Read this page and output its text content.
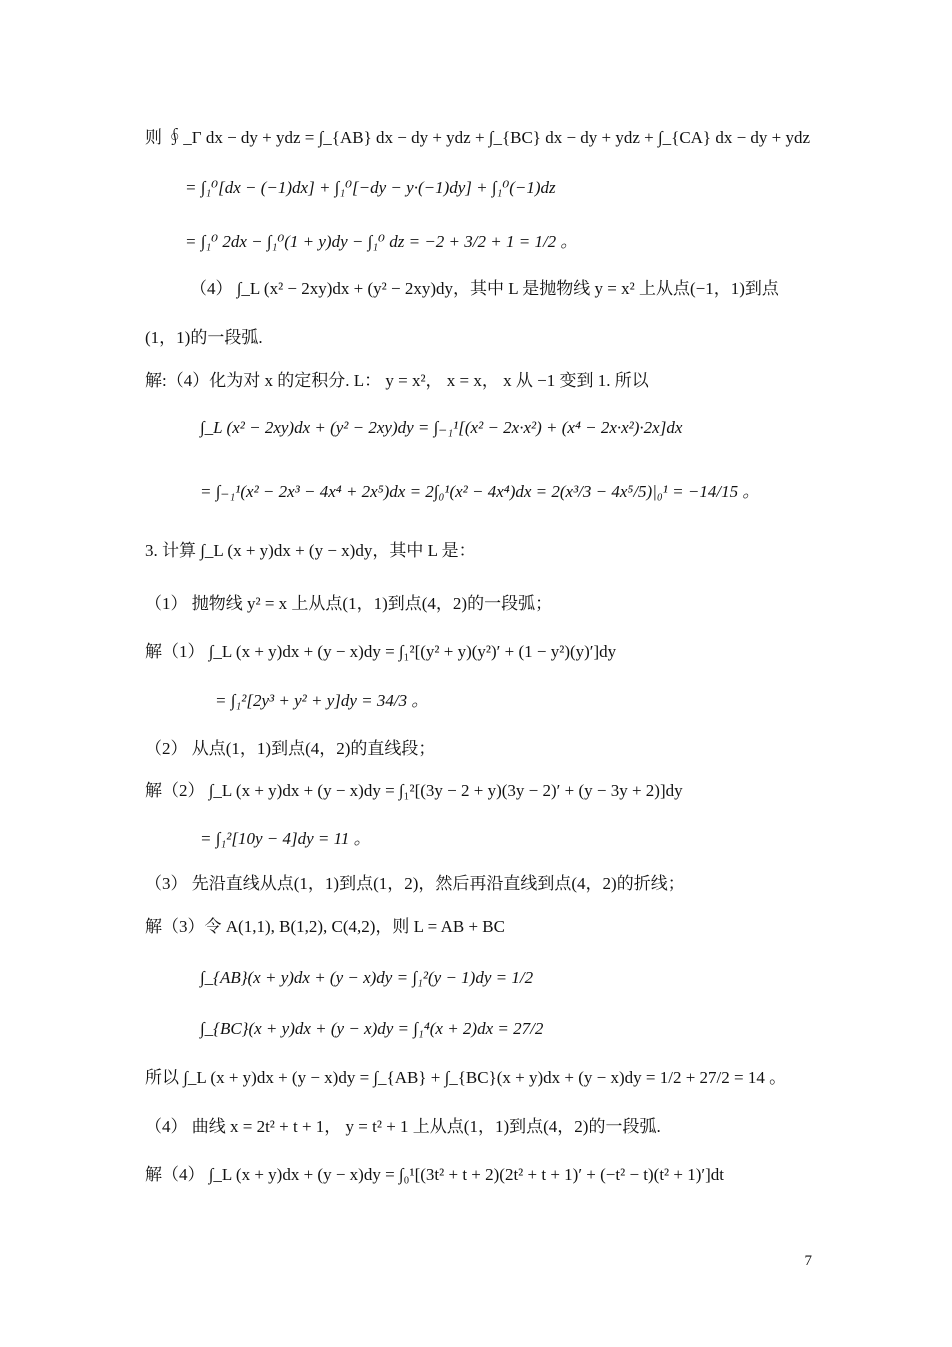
则 ∮_Γ dx − dy + ydz = ∫_{AB} dx − dy + ydz + ∫_{BC} dx − dy + ydz + ∫_{CA} dx − dy + ydz
= ∫₁⁰[dx − (−1)dx] + ∫₁⁰[−dy − y·(−1)dy] + ∫₁⁰(−1)dz
= ∫₁⁰ 2dx − ∫₁⁰(1 + y)dy − ∫₁⁰ dz = −2 + 3/2 + 1 = 1/2 。
（4） ∫_L (x² − 2xy)dx + (y² − 2xy)dy，其中 L 是抛物线 y = x² 上从点(−1，1)到点
(1，1)的一段弧.
解:（4）化为对 x 的定积分. L： y = x²， x = x， x 从 −1 变到 1. 所以
∫_L (x² − 2xy)dx + (y² − 2xy)dy = ∫₋₁¹[(x² − 2x·x²) + (x⁴ − 2x·x²)·2x]dx
= ∫₋₁¹(x² − 2x³ − 4x⁴ + 2x⁵)dx = 2∫₀¹(x² − 4x⁴)dx = 2(x³/3 − 4x⁵/5)|₀¹ = −14/15 。
3. 计算 ∫_L (x + y)dx + (y − x)dy，其中 L 是：
（1） 抛物线 y² = x 上从点(1，1)到点(4，2)的一段弧；
解（1） ∫_L (x + y)dx + (y − x)dy = ∫₁²[(y² + y)(y²)′ + (1 − y²)(y)′]dy
= ∫₁²[2y³ + y² + y]dy = 34/3 。
（2） 从点(1，1)到点(4，2)的直线段；
解（2） ∫_L (x + y)dx + (y − x)dy = ∫₁²[(3y − 2 + y)(3y − 2)′ + (y − 3y + 2)]dy
= ∫₁²[10y − 4]dy = 11 。
（3） 先沿直线从点(1，1)到点(1，2)，然后再沿直线到点(4，2)的折线；
解（3）令 A(1,1), B(1,2), C(4,2)，则 L = AB + BC
∫_{AB}(x + y)dx + (y − x)dy = ∫₁²(y − 1)dy = 1/2
∫_{BC}(x + y)dx + (y − x)dy = ∫₁⁴(x + 2)dx = 27/2
所以 ∫_L (x + y)dx + (y − x)dy = ∫_{AB} + ∫_{BC}(x + y)dx + (y − x)dy = 1/2 + 27/2 = 14 。
（4） 曲线 x = 2t² + t + 1， y = t² + 1 上从点(1，1)到点(4，2)的一段弧.
解（4） ∫_L (x + y)dx + (y − x)dy = ∫₀¹[(3t² + t + 2)(2t² + t + 1)′ + (−t² − t)(t² + 1)′]dt
7
